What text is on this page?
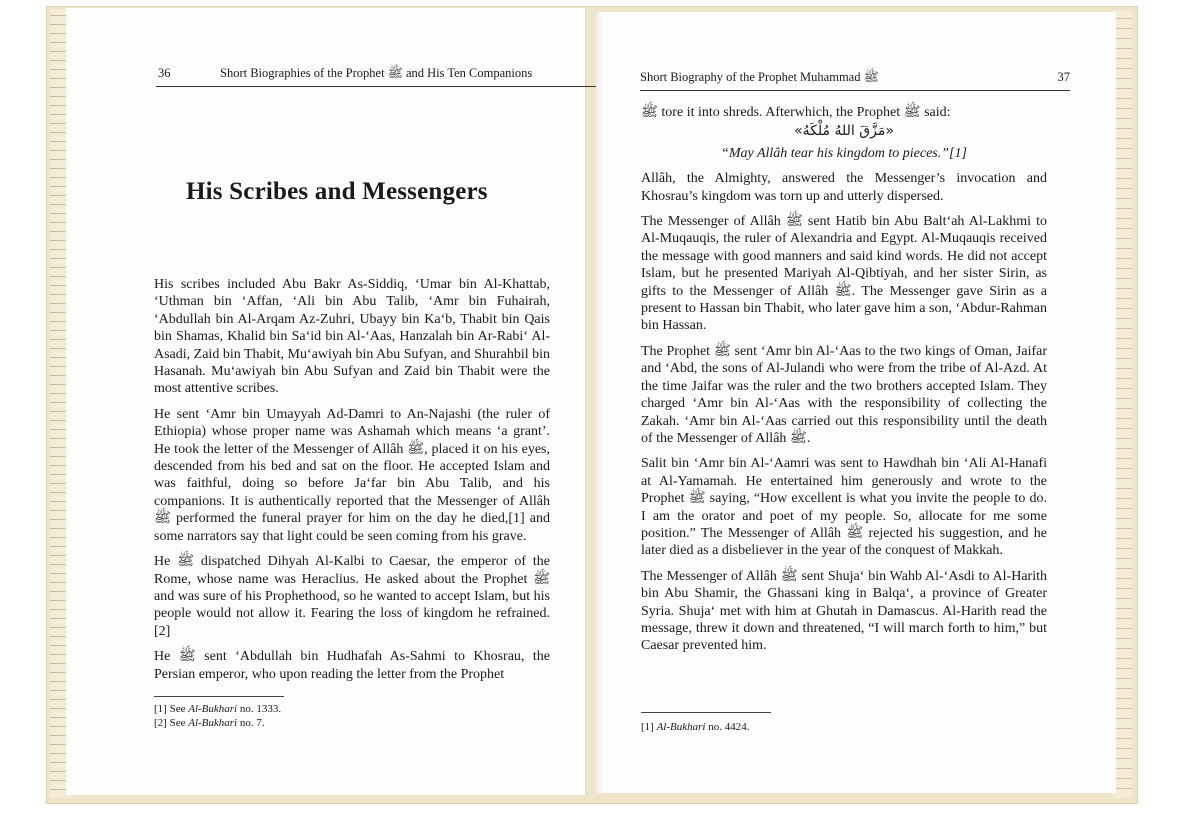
36	Short Biographies of the Prophet ﷺ and His Ten Companions
His Scribes and Messengers

His scribes included Abu Bakr As-Siddiq, ‘Umar bin Al-Khattab, ‘Uthman bin ‘Affan, ‘Ali bin Abu Talib, ‘Amr bin Fuhairah, ‘Abdullah bin Al-Arqam Az-Zuhri, Ubayy bin Ka‘b, Thabit bin Qais bin Shamas, Khalid bin Sa‘id bin Al-‘Aas, Hanzalah bin Ar-Rabi‘ Al-Asadi, Zaid bin Thabit, Mu‘awiyah bin Abu Sufyan, and Shurahbil bin Hasanah. Mu‘awiyah bin Abu Sufyan and Zaid bin Thabit were the most attentive scribes.

He sent ‘Amr bin Umayyah Ad-Damri to An-Najashi (the ruler of Ethiopia) whose proper name was Ashamah which means ‘a grant’. He took the letter of the Messenger of Allâh ﷺ, placed it on his eyes, descended from his bed and sat on the floor. He accepted Islam and was faithful, doing so before Ja‘far bin Abu Talib, and his companions. It is authentically reported that the Messenger of Allâh ﷺ performed the funeral prayer for him on the day he died,[1] and some narrators say that light could be seen coming from his grave.

He ﷺ dispatched Dihyah Al-Kalbi to Caesar, the emperor of the Rome, whose name was Heraclius. He asked about the Prophet ﷺ and was sure of his Prophethood, so he wanted to accept Islam, but his people would not allow it. Fearing the loss of kingdom he refrained.[2]

He ﷺ sent ‘Abdullah bin Hudhafah As-Sahmi to Khosrau, the Persian emperor, who upon reading the letter from the Prophet

[1] See Al-Bukhari no. 1333.
[2] See Al-Bukhari no. 7.
Short Biography of the Prophet Muhammad ﷺ	37

ﷺ tore it into shreds. Afterwhich, the Prophet ﷺ said:

«مَزَّقَ اللهُ مُلْكَهُ»

“May Allâh tear his kingdom to pieces.”[1]

Allâh, the Almighty, answered the Messenger’s invocation and Khosrau’s kingdom was torn up and utterly dispersed.

The Messenger of Allâh ﷺ sent Hatib bin Abu Balt‘ah Al-Lakhmi to Al-Muqauqis, the ruler of Alexandria and Egypt. Al-Muqauqis received the message with good manners and said kind words. He did not accept Islam, but he presented Mariyah Al-Qibtiyah, and her sister Sirin, as gifts to the Messenger of Allâh ﷺ. The Messenger gave Sirin as a present to Hassan bin Thabit, who later gave him a son, ‘Abdur-Rahman bin Hassan.

The Prophet ﷺ sent ‘Amr bin Al-‘Aas to the two kings of Oman, Jaifar and ‘Abd, the sons of Al-Julandi who were from the tribe of Al-Azd. At the time Jaifar was the ruler and the two brothers accepted Islam. They charged ‘Amr bin Al-‘Aas with the responsibility of collecting the Zakah. ‘Amr bin Al-‘Aas carried out this responsibility until the death of the Messenger of Allâh ﷺ.

Salit bin ‘Amr bin Al-‘Aamri was sent to Hawdhah bin ‘Ali Al-Hanafi at Al-Yamamah. He entertained him generously and wrote to the Prophet ﷺ saying, “How excellent is what you invite the people to do. I am the orator and poet of my people. So, allocate for me some position.” The Messenger of Allâh ﷺ rejected his suggestion, and he later died as a disbeliever in the year of the conquest of Makkah.

The Messenger of Allâh ﷺ sent Shuja‘ bin Wahb Al-‘Asdi to Al-Harith bin Abu Shamir, the Ghassani king in Balqa‘, a province of Greater Syria. Shuja‘ met with him at Ghutah in Damascus. Al-Harith read the message, threw it down and threatened, “I will march forth to him,” but Caesar prevented him.

[1] Al-Bukhari no. 4424.
